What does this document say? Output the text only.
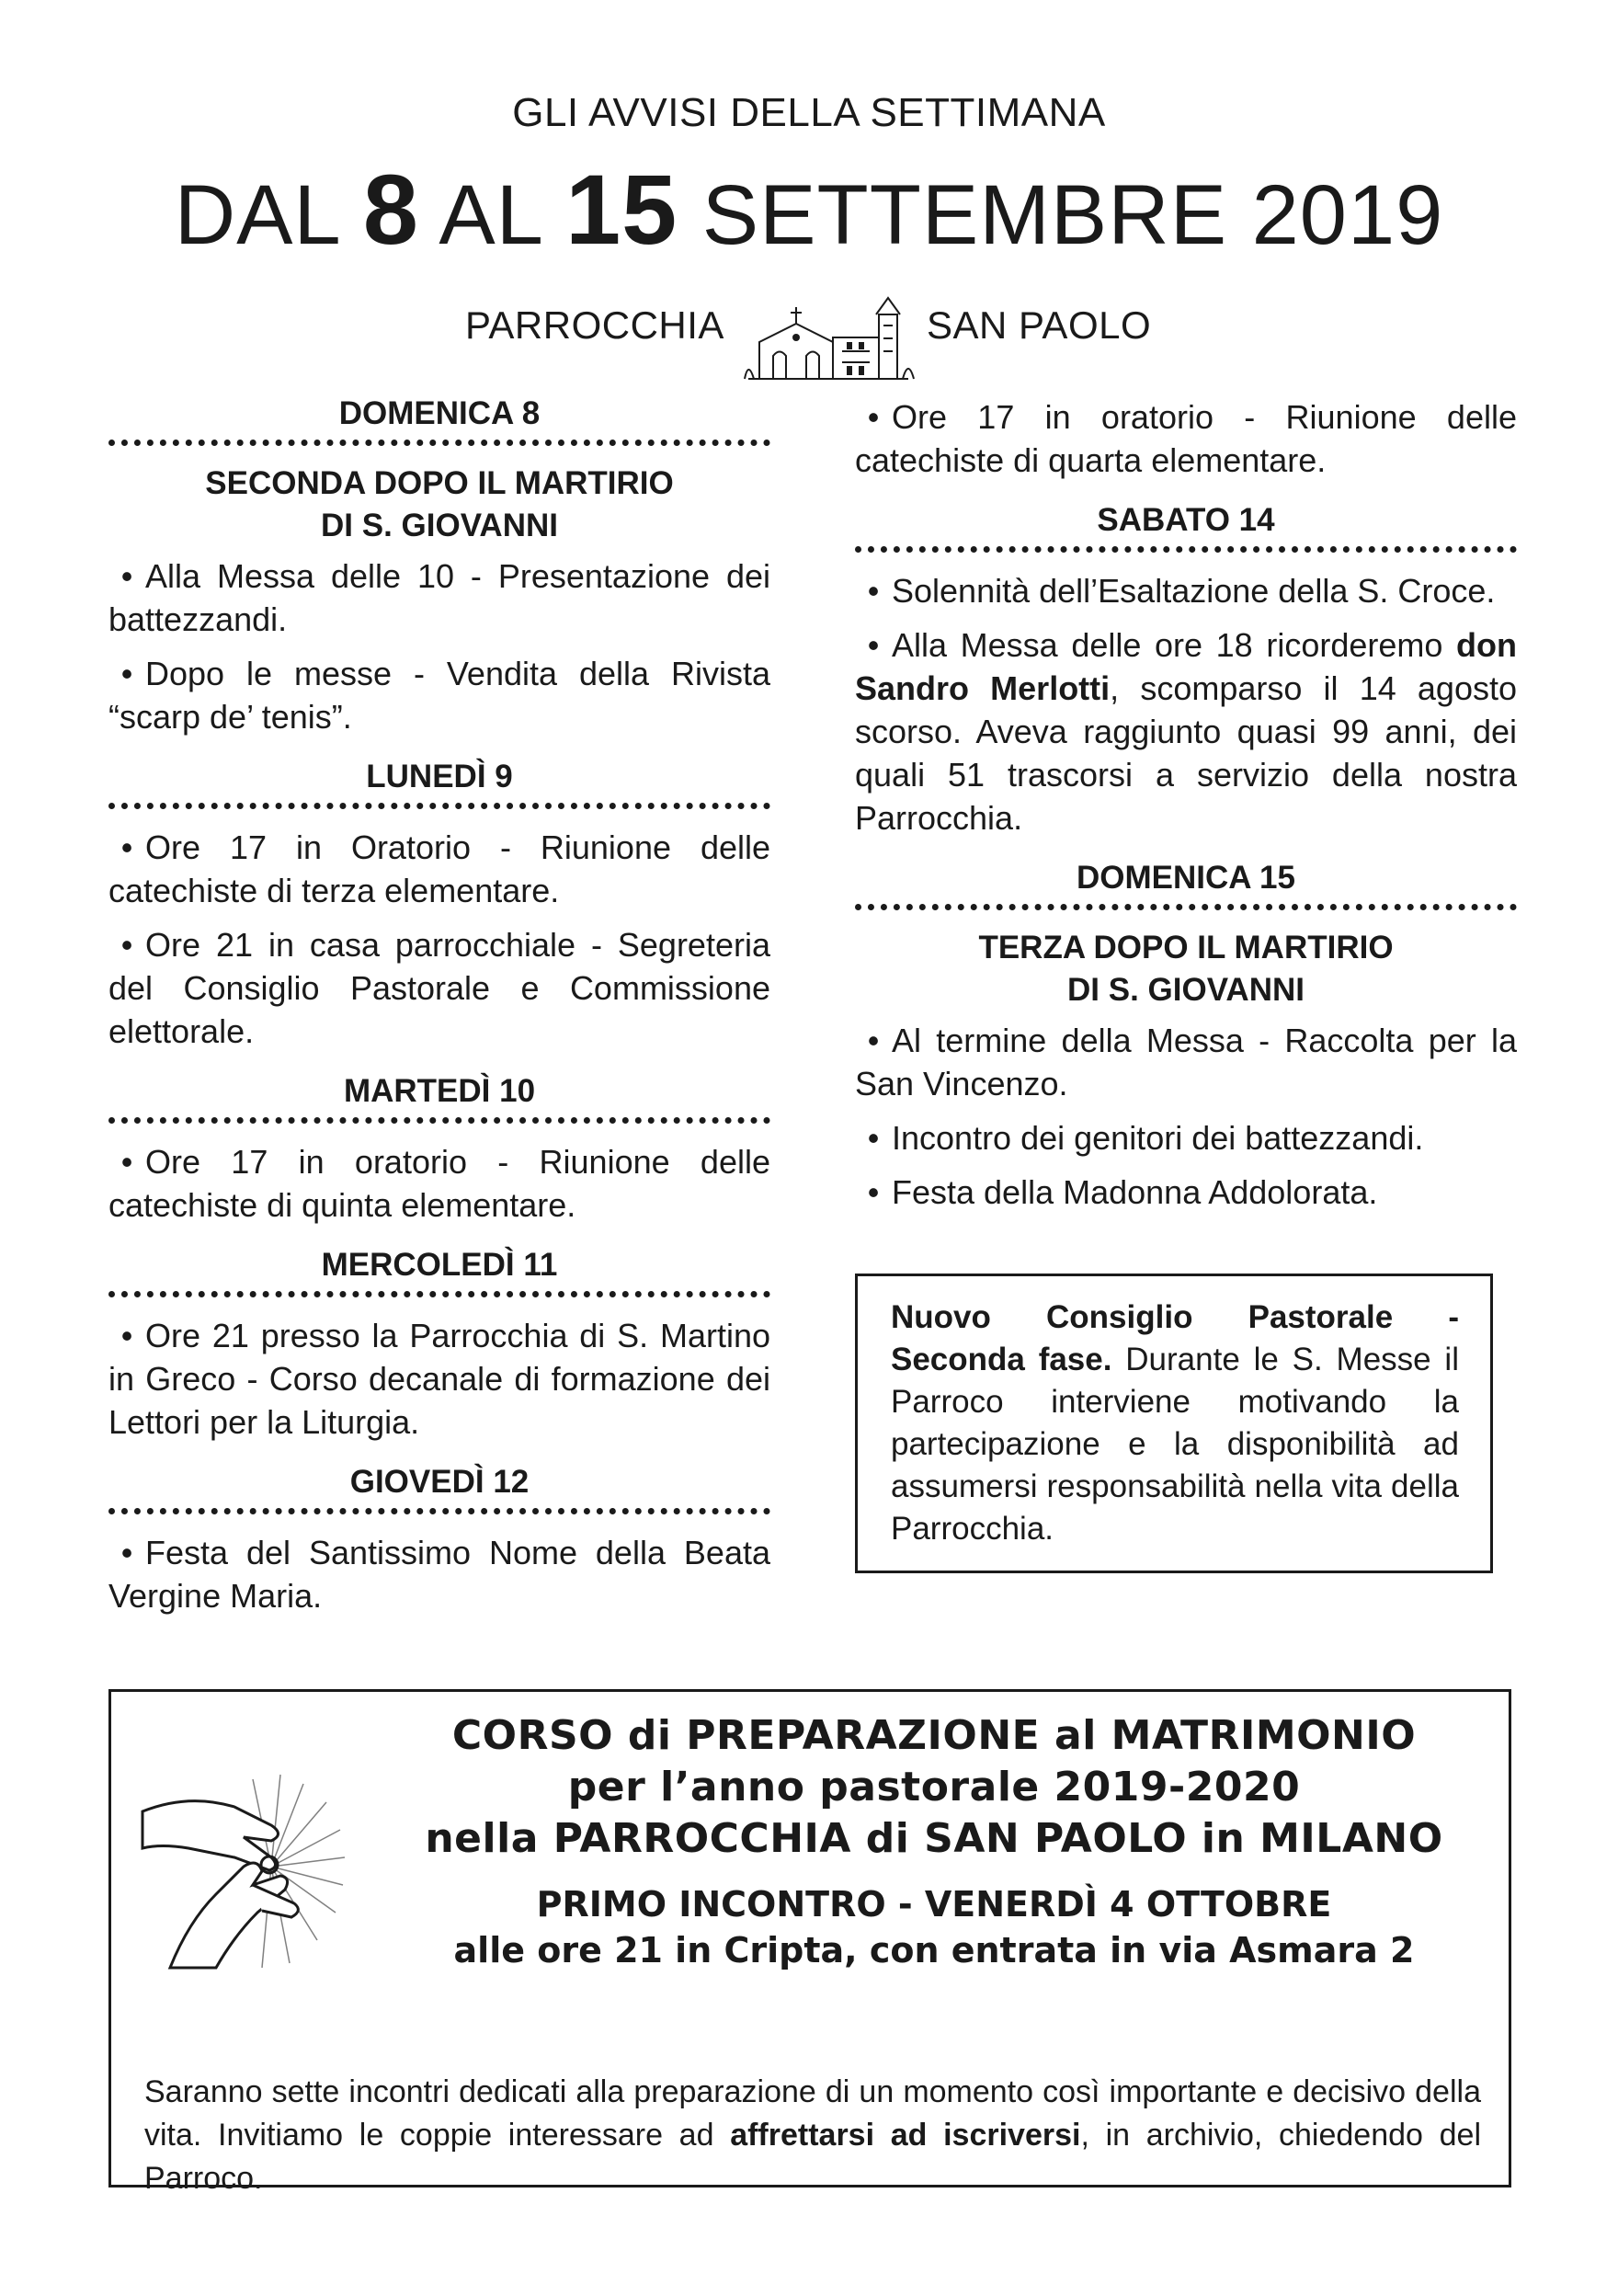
GLI AVVISI DELLA SETTIMANA
DAL 8 AL 15 SETTEMBRE 2019
PARROCCHIA	SAN PAOLO
DOMENICA 8
SECONDA DOPO IL MARTIRIO
DI S. GIOVANNI

• Alla Messa delle 10 - Presentazione dei battezzandi.

• Dopo le messe - Vendita della Rivista “scarp de’ tenis”.

LUNEDÌ 9

• Ore 17 in Oratorio - Riunione delle catechiste di terza elementare.

• Ore 21 in casa parrocchiale - Segreteria del Consiglio Pastorale e Commissione elettorale.

MARTEDÌ 10

• Ore 17 in oratorio - Riunione delle catechiste di quinta elementare.

MERCOLEDÌ 11

• Ore 21 presso la Parrocchia di S. Martino in Greco - Corso decanale di formazione dei Lettori per la Liturgia.

GIOVEDÌ 12

• Festa del Santissimo Nome della Beata Vergine Maria.

• Ore 17 in oratorio - Riunione delle catechiste di quarta elementare.

SABATO 14

• Solennità dell’Esaltazione della S. Croce.

• Alla Messa delle ore 18 ricorderemo don Sandro Merlotti, scomparso il 14 agosto scorso. Aveva raggiunto quasi 99 anni, dei quali 51 trascorsi a servizio della nostra Parrocchia.

DOMENICA 15
TERZA DOPO IL MARTIRIO
DI S. GIOVANNI

• Al termine della Messa - Raccolta per la San Vincenzo.

• Incontro dei genitori dei battezzandi.

• Festa della Madonna Addolorata.

Nuovo Consiglio Pastorale - Seconda fase. Durante le S. Messe il Parroco interviene motivando la partecipazione e la disponibilità ad assumersi responsabilità nella vita della Parrocchia.

CORSO di PREPARAZIONE al MATRIMONIO

per l’anno pastorale 2019-2020

nella PARROCCHIA di SAN PAOLO in MILANO

PRIMO INCONTRO - VENERDÌ 4 OTTOBRE

alle ore 21 in Cripta, con entrata in via Asmara 2

Saranno sette incontri dedicati alla preparazione di un momento così importante e decisivo della vita. Invitiamo le coppie interessare ad affrettarsi ad iscriversi, in archivio, chiedendo del Parroco.
